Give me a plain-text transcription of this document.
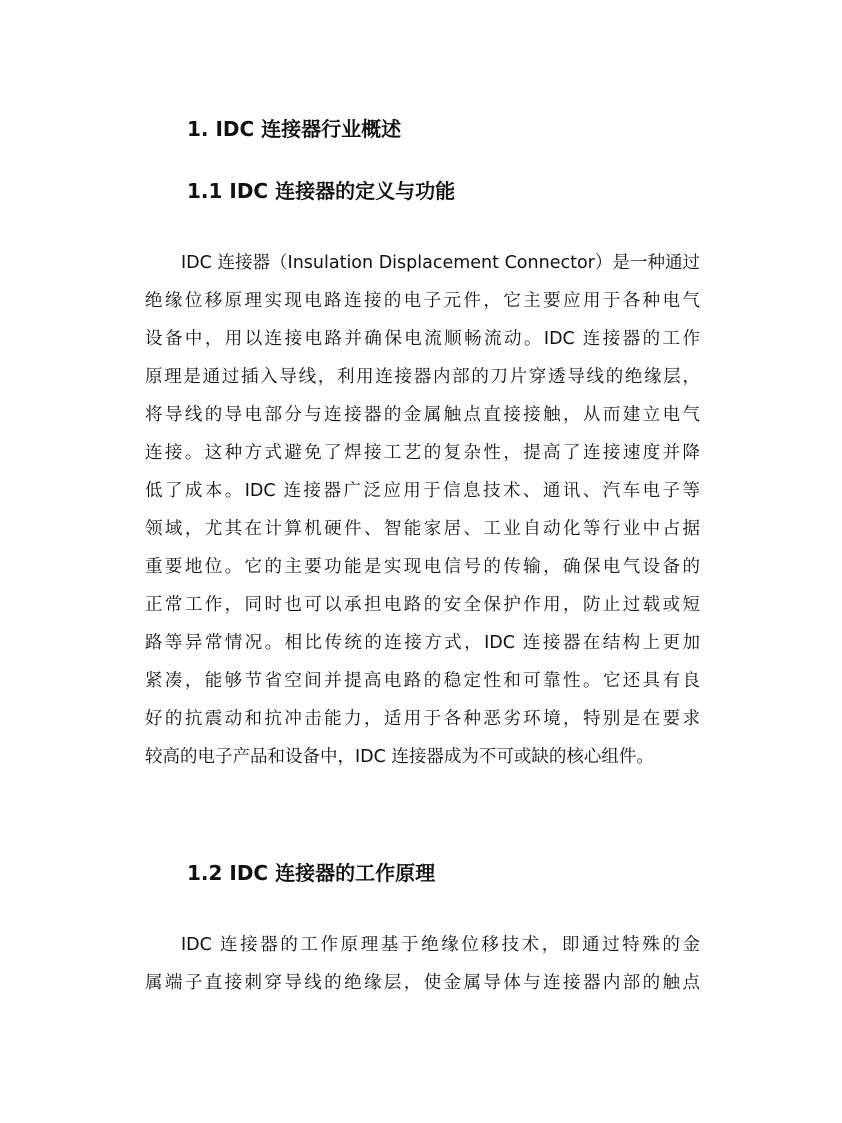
1. IDC 连接器行业概述
1.1 IDC 连接器的定义与功能
IDC 连接器（Insulation Displacement Connector）是一种通过
绝缘位移原理实现电路连接的电子元件，它主要应用于各种电气
设备中，用以连接电路并确保电流顺畅流动。IDC 连接器的工作
原理是通过插入导线，利用连接器内部的刀片穿透导线的绝缘层，
将导线的导电部分与连接器的金属触点直接接触，从而建立电气
连接。这种方式避免了焊接工艺的复杂性，提高了连接速度并降
低了成本。IDC 连接器广泛应用于信息技术、通讯、汽车电子等
领域，尤其在计算机硬件、智能家居、工业自动化等行业中占据
重要地位。它的主要功能是实现电信号的传输，确保电气设备的
正常工作，同时也可以承担电路的安全保护作用，防止过载或短
路等异常情况。相比传统的连接方式，IDC 连接器在结构上更加
紧凑，能够节省空间并提高电路的稳定性和可靠性。它还具有良
好的抗震动和抗冲击能力，适用于各种恶劣环境，特别是在要求
较高的电子产品和设备中，IDC 连接器成为不可或缺的核心组件。
1.2 IDC 连接器的工作原理
IDC 连接器的工作原理基于绝缘位移技术，即通过特殊的金
属端子直接刺穿导线的绝缘层，使金属导体与连接器内部的触点
